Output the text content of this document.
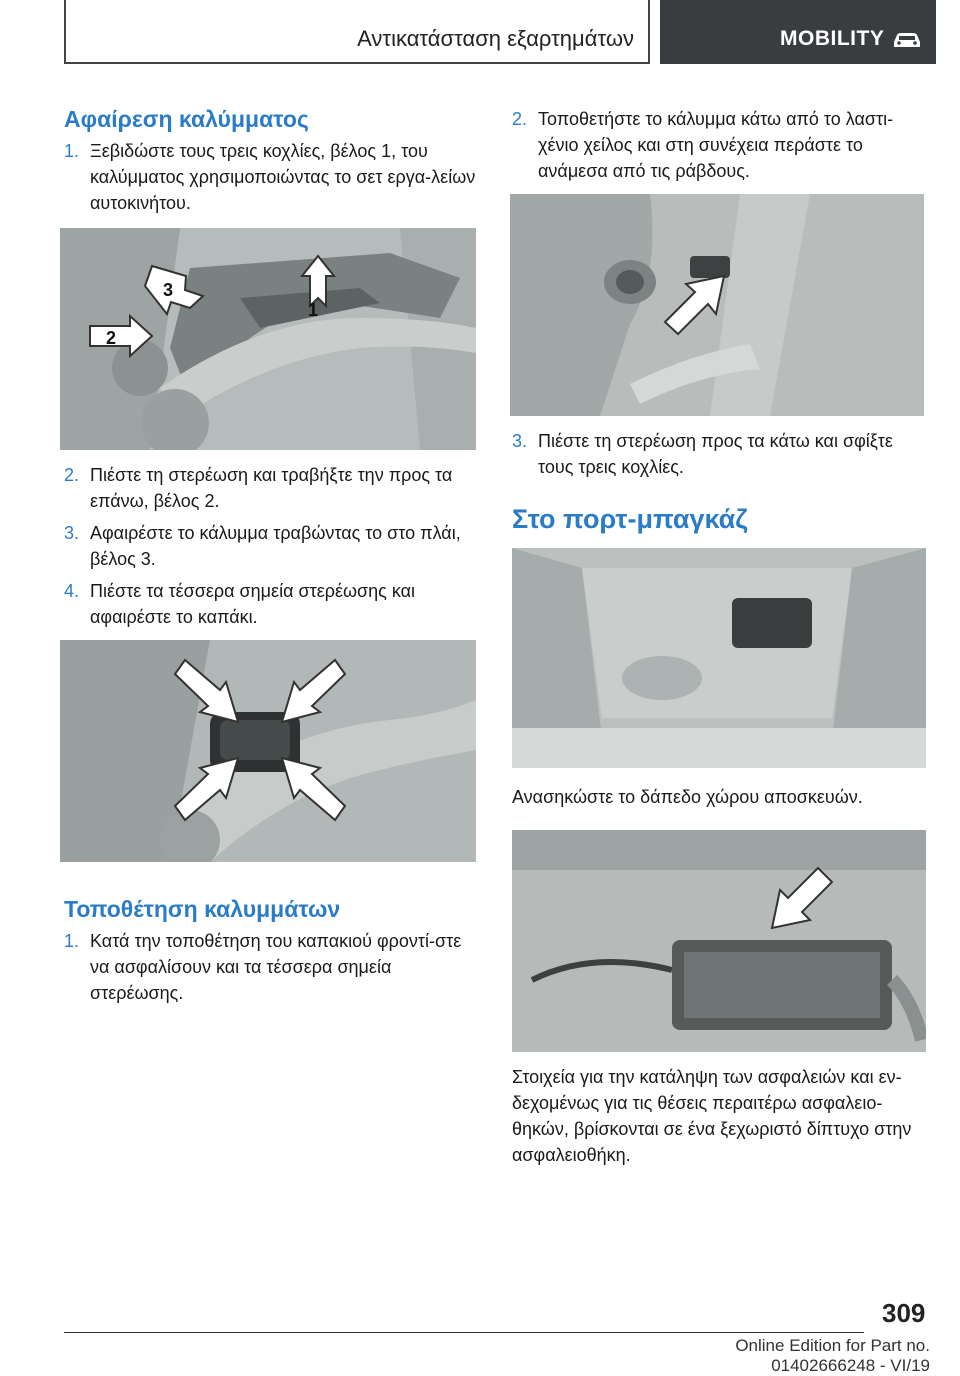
Αντικατάσταση εξαρτημάτων	MOBILITY
Αφαίρεση καλύμματος
1. Ξεβιδώστε τους τρεις κοχλίες, βέλος 1, του καλύμματος χρησιμοποιώντας το σετ εργα‐λείων αυτοκινήτου.
3
1
2
2. Πιέστε τη στερέωση και τραβήξτε την προς τα επάνω, βέλος 2.
3. Αφαιρέστε το κάλυμμα τραβώντας το στο πλάι, βέλος 3.
4. Πιέστε τα τέσσερα σημεία στερέωσης και αφαιρέστε το καπάκι.
Τοποθέτηση καλυμμάτων
1. Κατά την τοποθέτηση του καπακιού φροντί‐στε να ασφαλίσουν και τα τέσσερα σημεία στερέωσης.
2. Τοποθετήστε το κάλυμμα κάτω από το λαστι‐χένιο χείλος και στη συνέχεια περάστε το ανάμεσα από τις ράβδους.
3. Πιέστε τη στερέωση προς τα κάτω και σφίξτε τους τρεις κοχλίες.
Στο πορτ-μπαγκάζ
Ανασηκώστε το δάπεδο χώρου αποσκευών.
Στοιχεία για την κατάληψη των ασφαλειών και εν‐δεχομένως για τις θέσεις περαιτέρω ασφαλειο‐θηκών, βρίσκονται σε ένα ξεχωριστό δίπτυχο στην ασφαλειοθήκη.
309
Online Edition for Part no. 01402666248 - VI/19
